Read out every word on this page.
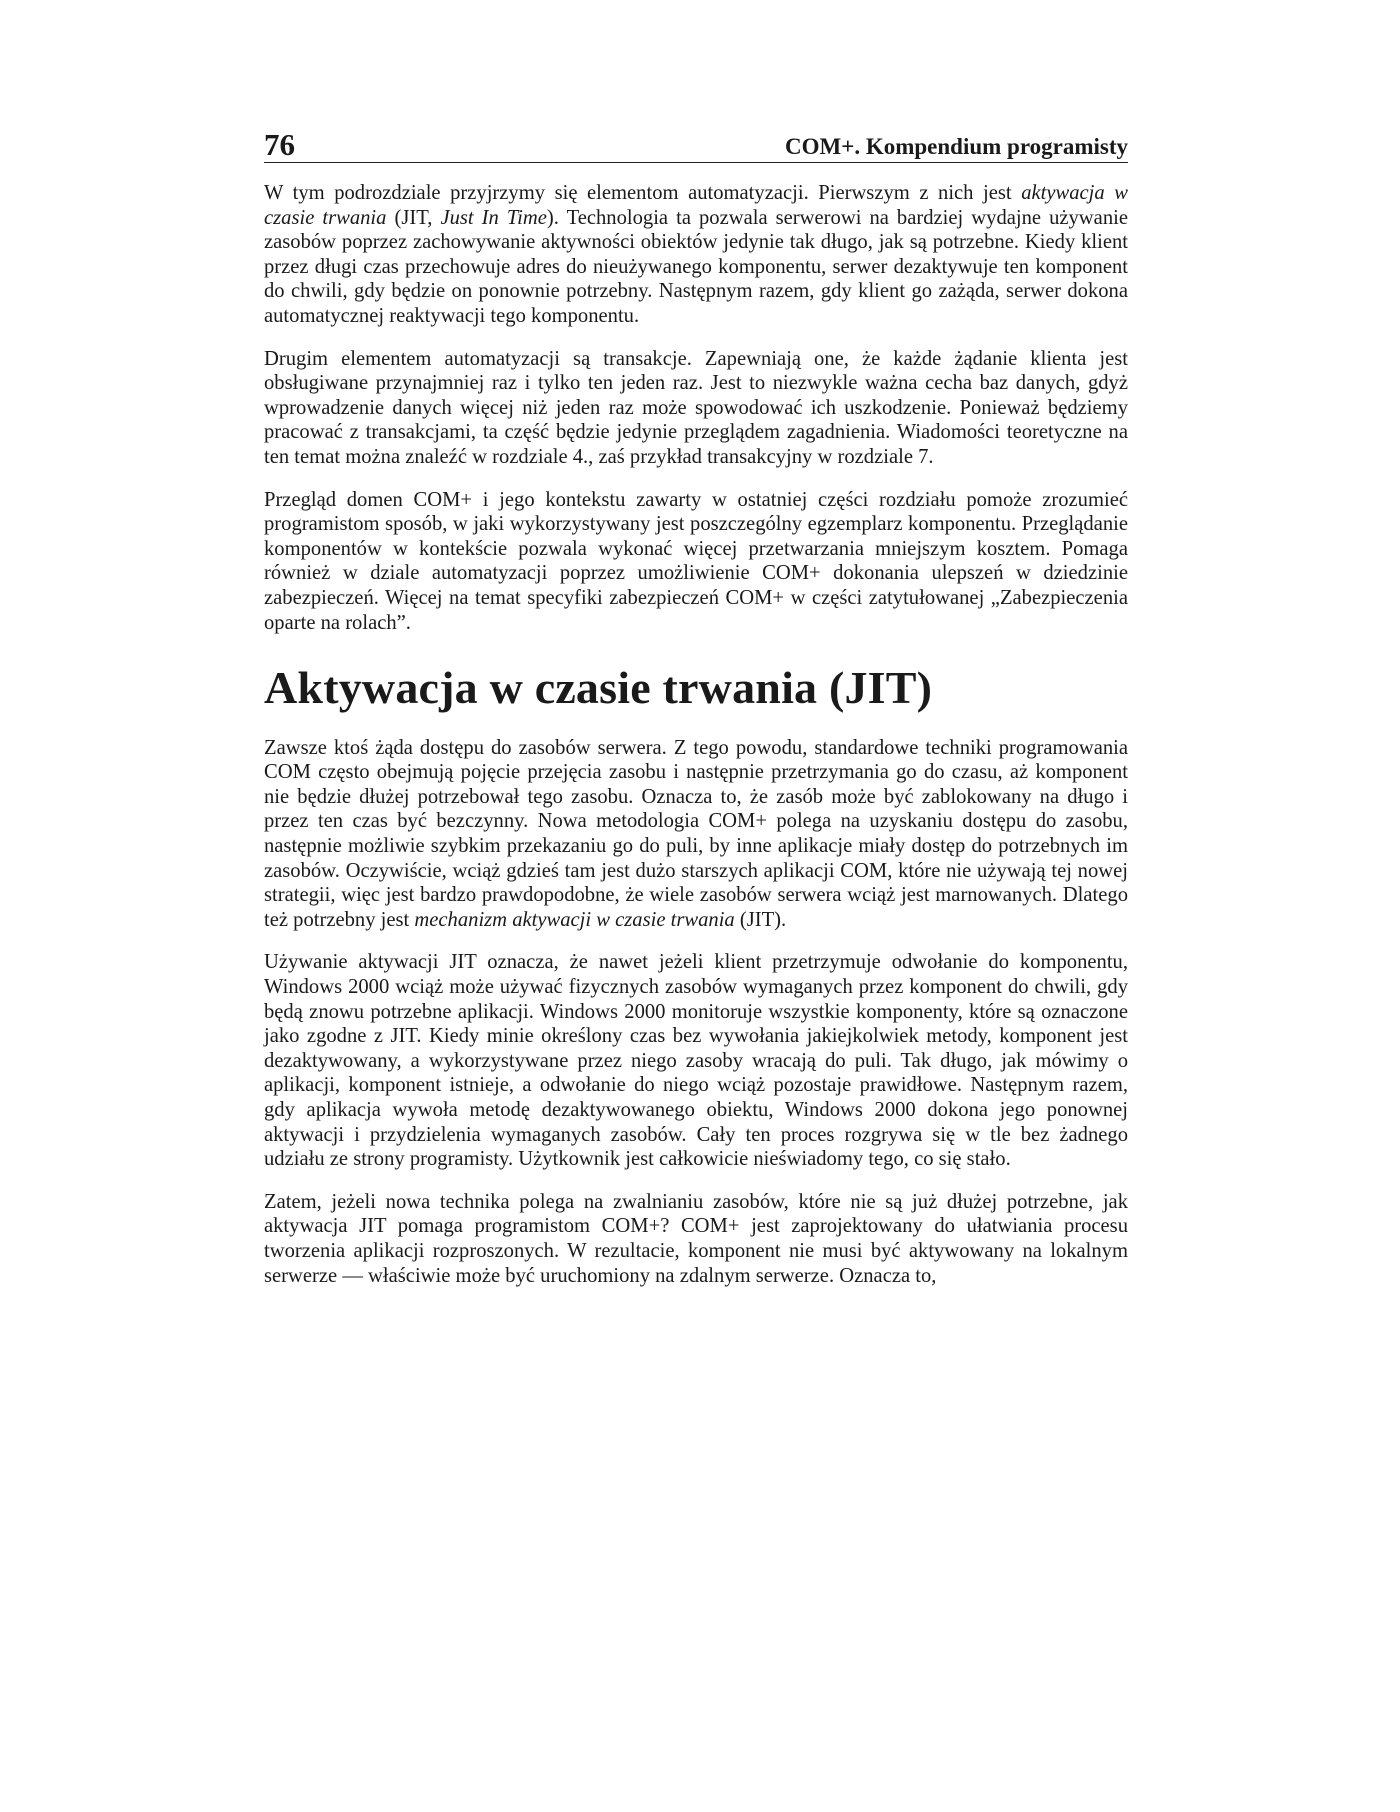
76	COM+. Kompendium programisty

W tym podrozdziale przyjrzymy się elementom automatyzacji. Pierwszym z nich jest aktywacja w czasie trwania (JIT, Just In Time). Technologia ta pozwala serwerowi na bardziej wydajne używanie zasobów poprzez zachowywanie aktywności obiektów jedynie tak długo, jak są potrzebne. Kiedy klient przez długi czas przechowuje adres do nieużywanego komponentu, serwer dezaktywuje ten komponent do chwili, gdy będzie on ponownie potrzebny. Następnym razem, gdy klient go zażąda, serwer dokona automatycznej reaktywacji tego komponentu.

Drugim elementem automatyzacji są transakcje. Zapewniają one, że każde żądanie klienta jest obsługiwane przynajmniej raz i tylko ten jeden raz. Jest to niezwykle ważna cecha baz danych, gdyż wprowadzenie danych więcej niż jeden raz może spowodować ich uszkodzenie. Ponieważ będziemy pracować z transakcjami, ta część będzie jedynie przeglądem zagadnienia. Wiadomości teoretyczne na ten temat można znaleźć w rozdziale 4., zaś przykład transakcyjny w rozdziale 7.

Przegląd domen COM+ i jego kontekstu zawarty w ostatniej części rozdziału pomoże zrozumieć programistom sposób, w jaki wykorzystywany jest poszczególny egzemplarz komponentu. Przeglądanie komponentów w kontekście pozwala wykonać więcej przetwarzania mniejszym kosztem. Pomaga również w dziale automatyzacji poprzez umożliwienie COM+ dokonania ulepszeń w dziedzinie zabezpieczeń. Więcej na temat specyfiki zabezpieczeń COM+ w części zatytułowanej „Zabezpieczenia oparte na rolach”.

Aktywacja w czasie trwania (JIT)

Zawsze ktoś żąda dostępu do zasobów serwera. Z tego powodu, standardowe techniki programowania COM często obejmują pojęcie przejęcia zasobu i następnie przetrzymania go do czasu, aż komponent nie będzie dłużej potrzebował tego zasobu. Oznacza to, że zasób może być zablokowany na długo i przez ten czas być bezczynny. Nowa metodologia COM+ polega na uzyskaniu dostępu do zasobu, następnie możliwie szybkim przekazaniu go do puli, by inne aplikacje miały dostęp do potrzebnych im zasobów. Oczywiście, wciąż gdzieś tam jest dużo starszych aplikacji COM, które nie używają tej nowej strategii, więc jest bardzo prawdopodobne, że wiele zasobów serwera wciąż jest marnowanych. Dlatego też potrzebny jest mechanizm aktywacji w czasie trwania (JIT).

Używanie aktywacji JIT oznacza, że nawet jeżeli klient przetrzymuje odwołanie do komponentu, Windows 2000 wciąż może używać fizycznych zasobów wymaganych przez komponent do chwili, gdy będą znowu potrzebne aplikacji. Windows 2000 monitoruje wszystkie komponenty, które są oznaczone jako zgodne z JIT. Kiedy minie określony czas bez wywołania jakiejkolwiek metody, komponent jest dezaktywowany, a wykorzystywane przez niego zasoby wracają do puli. Tak długo, jak mówimy o aplikacji, komponent istnieje, a odwołanie do niego wciąż pozostaje prawidłowe. Następnym razem, gdy aplikacja wywoła metodę dezaktywowanego obiektu, Windows 2000 dokona jego ponownej aktywacji i przydzielenia wymaganych zasobów. Cały ten proces rozgrywa się w tle bez żadnego udziału ze strony programisty. Użytkownik jest całkowicie nieświadomy tego, co się stało.

Zatem, jeżeli nowa technika polega na zwalnianiu zasobów, które nie są już dłużej potrzebne, jak aktywacja JIT pomaga programistom COM+? COM+ jest zaprojektowany do ułatwiania procesu tworzenia aplikacji rozproszonych. W rezultacie, komponent nie musi być aktywowany na lokalnym serwerze — właściwie może być uruchomiony na zdalnym serwerze. Oznacza to,
